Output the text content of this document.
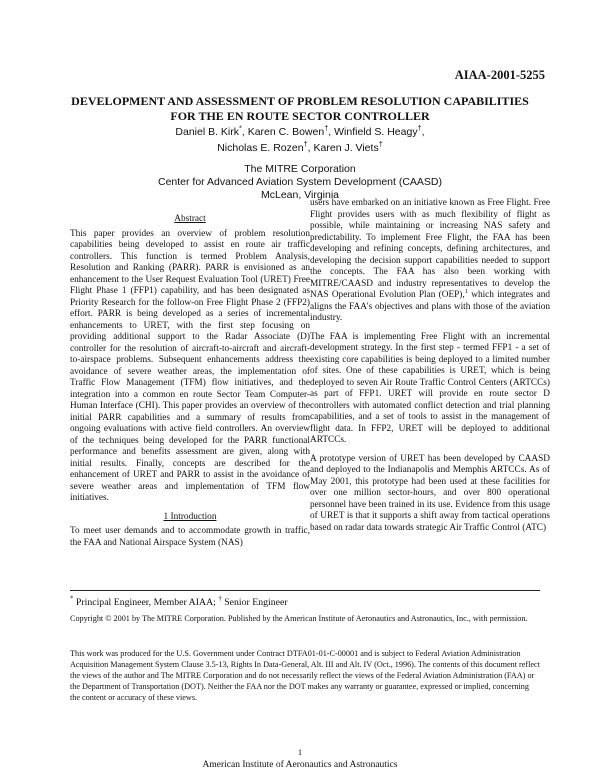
AIAA-2001-5255
DEVELOPMENT AND ASSESSMENT OF PROBLEM RESOLUTION CAPABILITIES
FOR THE EN ROUTE SECTOR CONTROLLER
Daniel B. Kirk*, Karen C. Bowen†, Winfield S. Heagy†,
Nicholas E. Rozen†, Karen J. Viets†
The MITRE Corporation
Center for Advanced Aviation System Development (CAASD)
McLean, Virginia
Abstract

This paper provides an overview of problem resolution capabilities being developed to assist en route air traffic controllers. This function is termed Problem Analysis, Resolution and Ranking (PARR). PARR is envisioned as an enhancement to the User Request Evaluation Tool (URET) Free Flight Phase 1 (FFP1) capability, and has been designated as Priority Research for the follow-on Free Flight Phase 2 (FFP2) effort. PARR is being developed as a series of incremental enhancements to URET, with the first step focusing on providing additional support to the Radar Associate (D) controller for the resolution of aircraft-to-aircraft and aircraft-to-airspace problems. Subsequent enhancements address the avoidance of severe weather areas, the implementation of Traffic Flow Management (TFM) flow initiatives, and the integration into a common en route Sector Team Computer-Human Interface (CHI). This paper provides an overview of the initial PARR capabilities and a summary of results from ongoing evaluations with active field controllers. An overview of the techniques being developed for the PARR functional performance and benefits assessment are given, along with initial results. Finally, concepts are described for the enhancement of URET and PARR to assist in the avoidance of severe weather areas and implementation of TFM flow initiatives.

1 Introduction

To meet user demands and to accommodate growth in traffic, the FAA and National Airspace System (NAS)

users have embarked on an initiative known as Free Flight. Free Flight provides users with as much flexibility of flight as possible, while maintaining or increasing NAS safety and predictability. To implement Free Flight, the FAA has been developing and refining concepts, defining architectures, and developing the decision support capabilities needed to support the concepts. The FAA has also been working with MITRE/CAASD and industry representatives to develop the NAS Operational Evolution Plan (OEP),$^1$ which integrates and aligns the FAA's objectives and plans with those of the aviation industry.

The FAA is implementing Free Flight with an incremental development strategy. In the first step - termed FFP1 - a set of existing core capabilities is being deployed to a limited number of sites. One of these capabilities is URET, which is being deployed to seven Air Route Traffic Control Centers (ARTCCs) as part of FFP1. URET will provide en route sector D controllers with automated conflict detection and trial planning capabilities, and a set of tools to assist in the management of flight data. In FFP2, URET will be deployed to additional ARTCCs.

A prototype version of URET has been developed by CAASD and deployed to the Indianapolis and Memphis ARTCCs. As of May 2001, this prototype had been used at these facilities for over one million sector-hours, and over 800 operational personnel have been trained in its use. Evidence from this usage of URET is that it supports a shift away from tactical operations based on radar data towards strategic Air Traffic Control (ATC)

* Principal Engineer, Member AIAA; † Senior Engineer
Copyright © 2001 by The MITRE Corporation. Published by the American Institute of Aeronautics and Astronautics, Inc., with permission.
This work was produced for the U.S. Government under Contract DTFA01-01-C-00001 and is subject to Federal Aviation Administration Acquisition Management System Clause 3.5-13, Rights In Data-General, Alt. III and Alt. IV (Oct., 1996). The contents of this document reflect the views of the author and The MITRE Corporation and do not necessarily reflect the views of the Federal Aviation Administration (FAA) or the Department of Transportation (DOT). Neither the FAA nor the DOT makes any warranty or guarantee, expressed or implied, concerning the content or accuracy of these views.
1
American Institute of Aeronautics and Astronautics
